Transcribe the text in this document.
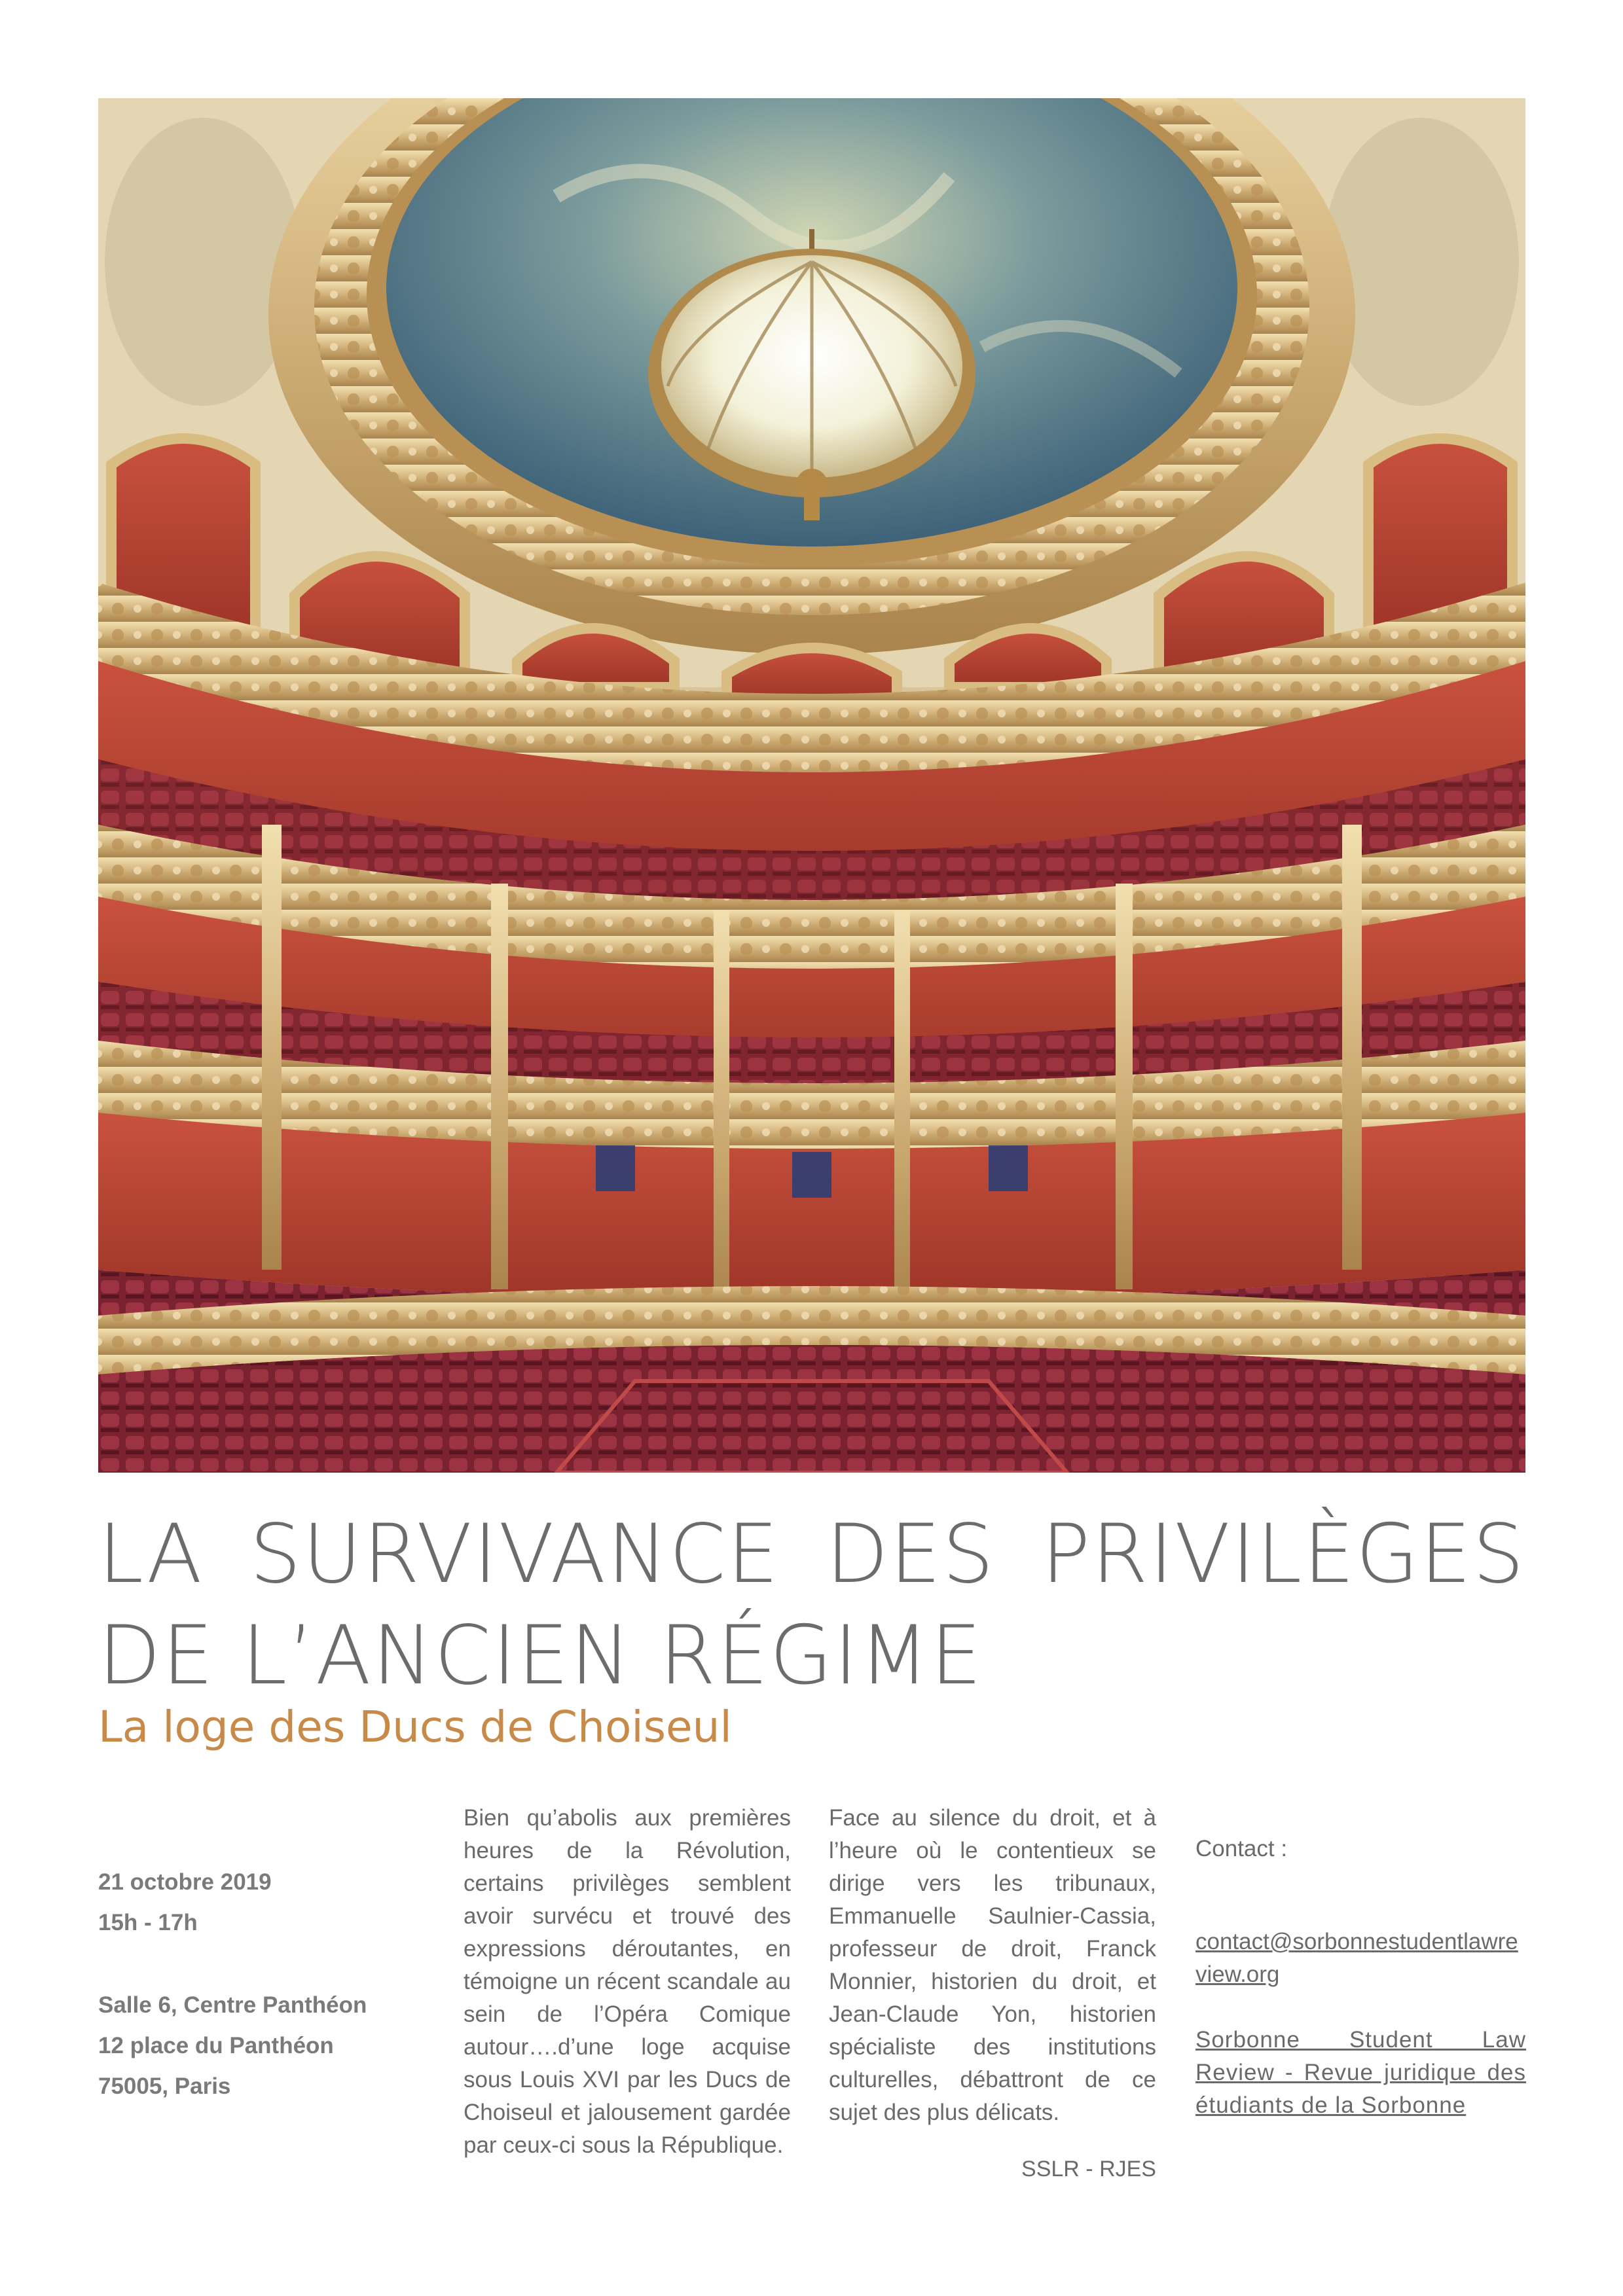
LA SURVIVANCE DES PRIVILÈGES
DE L’ANCIEN RÉGIME
La loge des Ducs de Choiseul
21 octobre 2019
15h - 17h
Salle 6, Centre Panthéon
12 place du Panthéon
75005, Paris

Bien qu’abolis aux premières heures de la Révolution, certains privilèges semblent avoir survécu et trouvé des expressions déroutantes, en témoigne un récent scandale au sein de l’Opéra Comique autour….d’une loge acquise sous Louis XVI par les Ducs de Choiseul et jalousement gardée par ceux-ci sous la République.

Face au silence du droit, et à l’heure où le contentieux se dirige vers les tribunaux, Emmanuelle Saulnier-Cassia, professeur de droit, Franck Monnier, historien du droit, et Jean-Claude Yon, historien spécialiste des institutions culturelles, débattront de ce sujet des plus délicats.

SSLR - RJES
Contact :
contact@sorbonnestudentlawreview.org
Sorbonne Student Law Review - Revue juridique des étudiants de la Sorbonne
